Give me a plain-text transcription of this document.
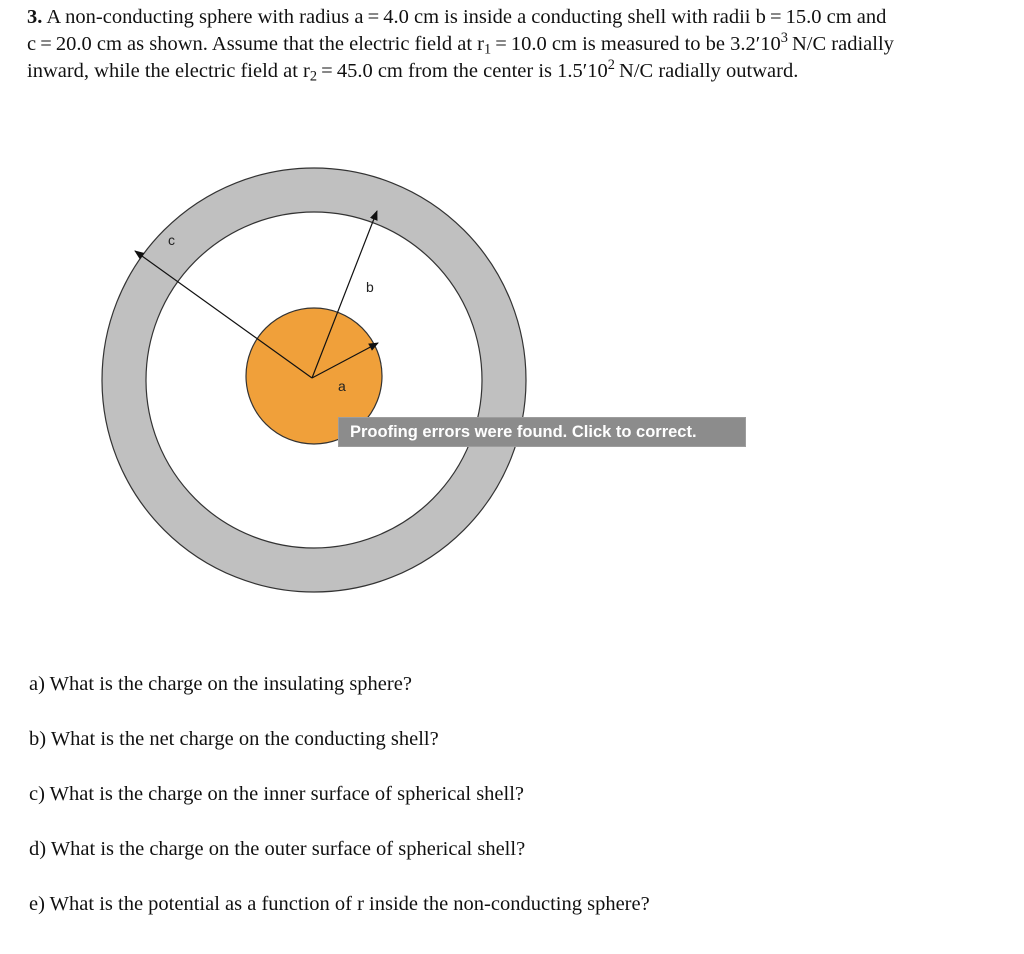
3. A non-conducting sphere with radius a = 4.0 cm is inside a conducting shell with radii b = 15.0 cm and
c = 20.0 cm as shown. Assume that the electric field at $r_1 = 10.0$ cm is measured to be $3.2'10^3$ N/C radially
inward, while the electric field at $r_2 = 45.0$ cm from the center is $1.5'10^2$ N/C radially outward.
c
b
a
Proofing errors were found. Click to correct.
a) What is the charge on the insulating sphere?
b) What is the net charge on the conducting shell?
c) What is the charge on the inner surface of spherical shell?
d) What is the charge on the outer surface of spherical shell?
e) What is the potential as a function of r inside the non-conducting sphere?
